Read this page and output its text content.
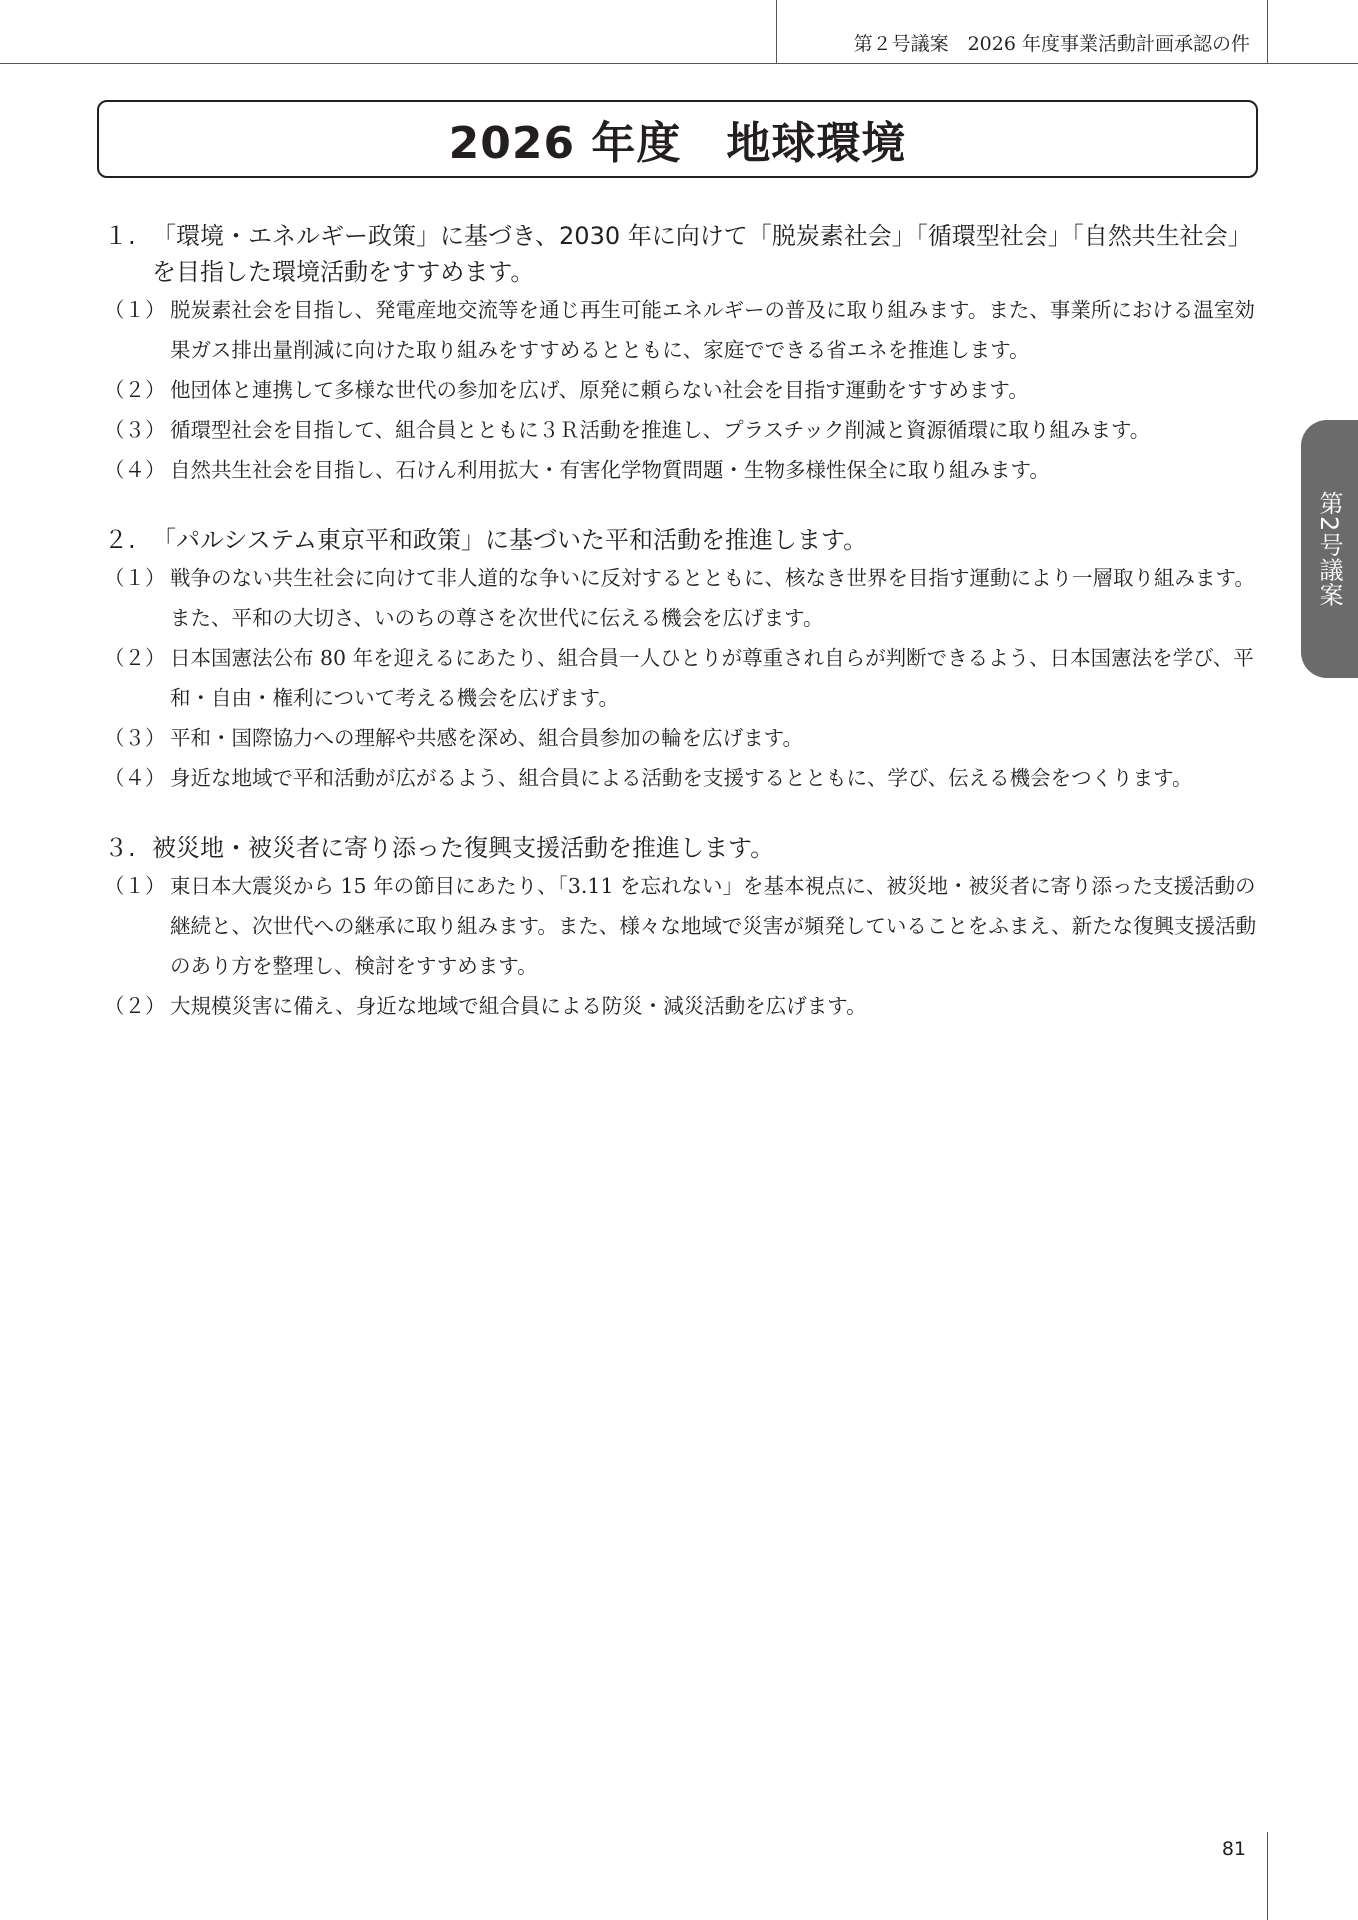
第２号議案　2026 年度事業活動計画承認の件
2026 年度　地球環境
第2号議案
１. 「環境・エネルギー政策」に基づき、2030 年に向けて「脱炭素社会」「循環型社会」「自然共生社会」を目指した環境活動をすすめます。
（１） 脱炭素社会を目指し、発電産地交流等を通じ再生可能エネルギーの普及に取り組みます。また、事業所における温室効果ガス排出量削減に向けた取り組みをすすめるとともに、家庭でできる省エネを推進します。
（２） 他団体と連携して多様な世代の参加を広げ、原発に頼らない社会を目指す運動をすすめます。
（３） 循環型社会を目指して、組合員とともに３Ｒ活動を推進し、プラスチック削減と資源循環に取り組みます。
（４） 自然共生社会を目指し、石けん利用拡大・有害化学物質問題・生物多様性保全に取り組みます。
２. 「パルシステム東京平和政策」に基づいた平和活動を推進します。
（１） 戦争のない共生社会に向けて非人道的な争いに反対するとともに、核なき世界を目指す運動により一層取り組みます。また、平和の大切さ、いのちの尊さを次世代に伝える機会を広げます。
（２） 日本国憲法公布 80 年を迎えるにあたり、組合員一人ひとりが尊重され自らが判断できるよう、日本国憲法を学び、平和・自由・権利について考える機会を広げます。
（３） 平和・国際協力への理解や共感を深め、組合員参加の輪を広げます。
（４） 身近な地域で平和活動が広がるよう、組合員による活動を支援するとともに、学び、伝える機会をつくります。
３. 被災地・被災者に寄り添った復興支援活動を推進します。
（１） 東日本大震災から 15 年の節目にあたり、「3.11 を忘れない」を基本視点に、被災地・被災者に寄り添った支援活動の継続と、次世代への継承に取り組みます。また、様々な地域で災害が頻発していることをふまえ、新たな復興支援活動のあり方を整理し、検討をすすめます。
（２） 大規模災害に備え、身近な地域で組合員による防災・減災活動を広げます。
81
